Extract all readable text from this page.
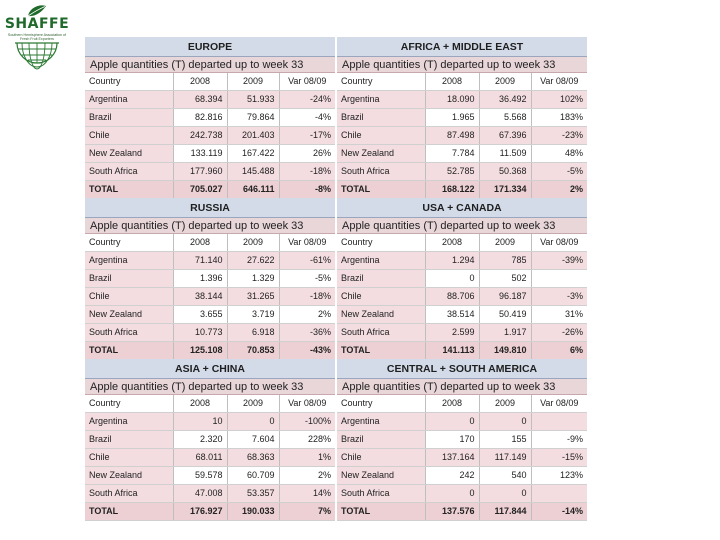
SHAFFE
Southern Hemisphere Association of Fresh Fruit Exporters
EUROPE
Apple quantities (T) departed up to week 33
Country	2008	2009	Var 08/09
Argentina	68.394	51.933	-24%
Brazil	82.816	79.864	-4%
Chile	242.738	201.403	-17%
New Zealand	133.119	167.422	26%
South Africa	177.960	145.488	-18%
TOTAL	705.027	646.111	-8%
AFRICA + MIDDLE EAST
Apple quantities (T) departed up to week 33
Country	2008	2009	Var 08/09
Argentina	18.090	36.492	102%
Brazil	1.965	5.568	183%
Chile	87.498	67.396	-23%
New Zealand	7.784	11.509	48%
South Africa	52.785	50.368	-5%
TOTAL	168.122	171.334	2%
RUSSIA
Apple quantities (T) departed up to week 33
Country	2008	2009	Var 08/09
Argentina	71.140	27.622	-61%
Brazil	1.396	1.329	-5%
Chile	38.144	31.265	-18%
New Zealand	3.655	3.719	2%
South Africa	10.773	6.918	-36%
TOTAL	125.108	70.853	-43%
USA + CANADA
Apple quantities (T) departed up to week 33
Country	2008	2009	Var 08/09
Argentina	1.294	785	-39%
Brazil	0	502	
Chile	88.706	96.187	-3%
New Zealand	38.514	50.419	31%
South Africa	2.599	1.917	-26%
TOTAL	141.113	149.810	6%
ASIA + CHINA
Apple quantities (T) departed up to week 33
Country	2008	2009	Var 08/09
Argentina	10	0	-100%
Brazil	2.320	7.604	228%
Chile	68.011	68.363	1%
New Zealand	59.578	60.709	2%
South Africa	47.008	53.357	14%
TOTAL	176.927	190.033	7%
CENTRAL + SOUTH AMERICA
Apple quantities (T) departed up to week 33
Country	2008	2009	Var 08/09
Argentina	0	0	
Brazil	170	155	-9%
Chile	137.164	117.149	-15%
New Zealand	242	540	123%
South Africa	0	0	
TOTAL	137.576	117.844	-14%
